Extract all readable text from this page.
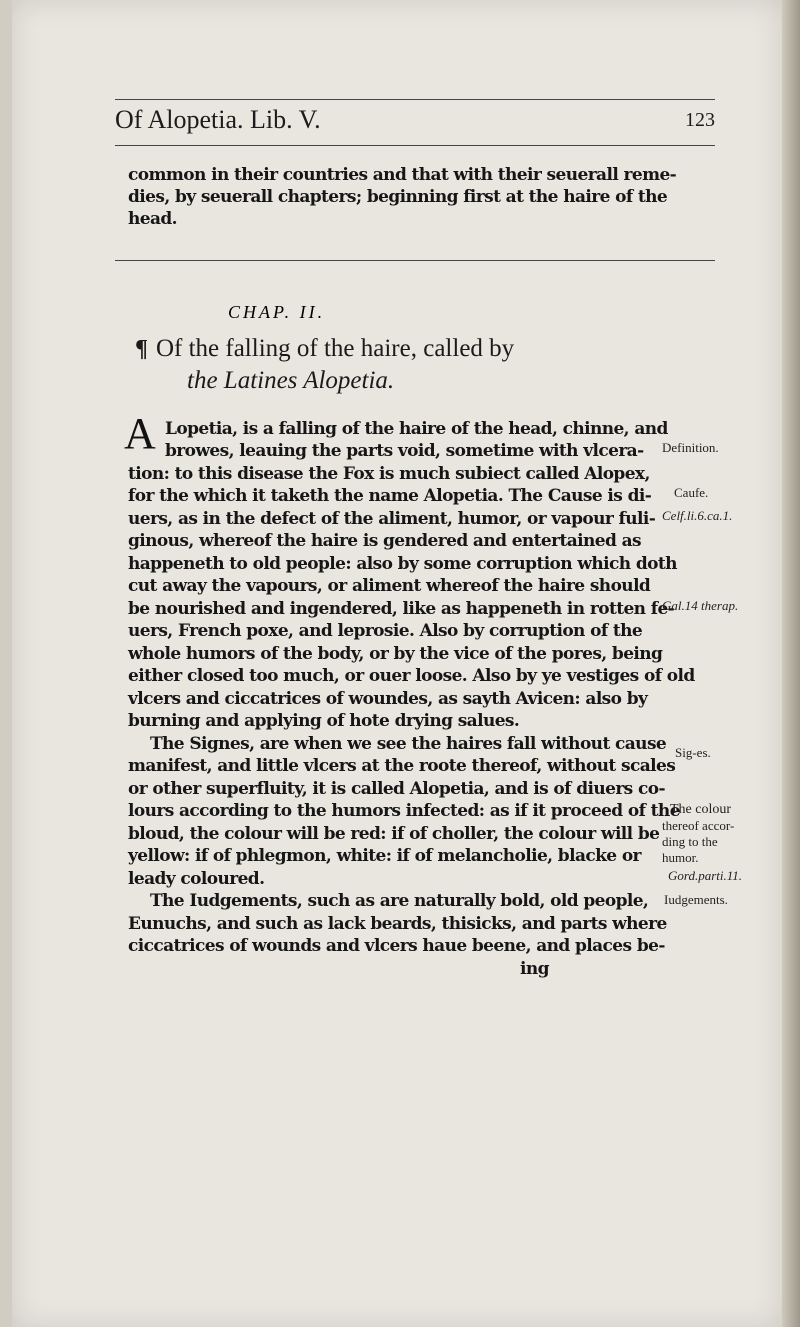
Of Alopetia. Lib. V.	123
common in their countries and that with their seuerall reme-
dies, by seuerall chapters; beginning first at the haire of the
head.
CHAP. II.
¶ Of the falling of the haire, called by
the Latines Alopetia.
A Lopetia, is a falling of the haire of the head, chinne, and
browes, leauing the parts void, sometime with vlcera-
tion: to this disease the Fox is much subiect called Alopex,
for the which it taketh the name Alopetia. The Cause is di-
uers, as in the defect of the aliment, humor, or vapour fuli-
ginous, whereof the haire is gendered and entertained as
happeneth to old people: also by some corruption which doth
cut away the vapours, or aliment whereof the haire should
be nourished and ingendered, like as happeneth in rotten fe-
uers, French poxe, and leprosie. Also by corruption of the
whole humors of the body, or by the vice of the pores, being
either closed too much, or ouer loose. Also by ye vestiges of old
vlcers and ciccatrices of woundes, as sayth Avicen: also by
burning and applying of hote drying salues.
The Signes, are when we see the haires fall without cause
manifest, and little vlcers at the roote thereof, without scales
or other superfluity, it is called Alopetia, and is of diuers co-
lours according to the humors infected: as if it proceed of the
bloud, the colour will be red: if of choller, the colour will be
yellow: if of phlegmon, white: if of melancholie, blacke or
leady coloured.
The Iudgements, such as are naturally bold, old people,
Eunuchs, and such as lack beards, thisicks, and parts where
ciccatrices of wounds and vlcers haue beene, and places be-
ing
Definition.
Caufe.
Celf.li.6.ca.1.
Gal.14 therap.
Sig-es.
The colour
thereof accor-
ding to the
humor.
Gord.parti.11.
Iudgements.
